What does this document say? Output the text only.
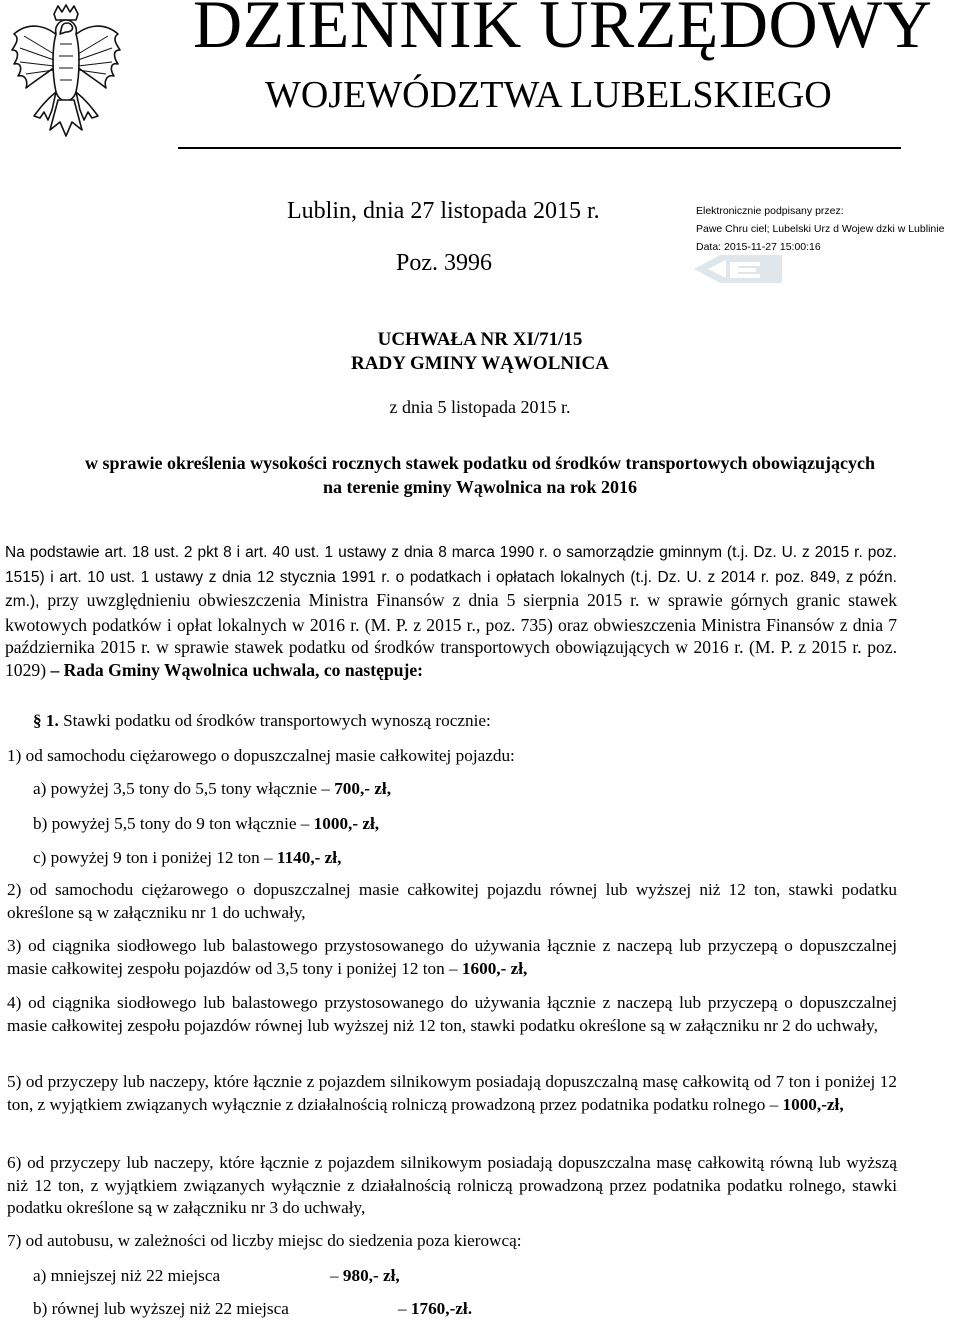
DZIENNIK URZĘDOWY
WOJEWÓDZTWA LUBELSKIEGO
Lublin, dnia 27 listopada 2015 r.
Poz. 3996
Elektronicznie podpisany przez:
Pawe Chru ciel; Lubelski Urz d Wojew dzki w Lublinie
Data: 2015-11-27 15:00:16
UCHWAŁA NR XI/71/15
RADY GMINY WĄWOLNICA
z dnia 5 listopada 2015 r.
w sprawie określenia wysokości rocznych stawek podatku od środków transportowych obowiązujących
na terenie gminy Wąwolnica na rok 2016
Na podstawie art. 18 ust. 2 pkt 8 i art. 40 ust. 1 ustawy z dnia 8 marca 1990 r. o samorządzie gminnym (t.j. Dz. U. z 2015 r. poz. 1515) i art. 10 ust. 1 ustawy z dnia 12 stycznia 1991 r. o podatkach i opłatach lokalnych (t.j. Dz. U. z 2014 r. poz. 849, z późn. zm.), przy uwzględnieniu obwieszczenia Ministra Finansów z dnia 5 sierpnia 2015 r. w sprawie górnych granic stawek kwotowych podatków i opłat lokalnych w 2016 r. (M. P. z 2015 r., poz. 735) oraz obwieszczenia Ministra Finansów z dnia 7 października 2015 r. w sprawie stawek podatku od środków transportowych obowiązujących w 2016 r. (M. P. z 2015 r. poz. 1029) – Rada Gminy Wąwolnica uchwala, co następuje:
§ 1. Stawki podatku od środków transportowych wynoszą rocznie:
1) od samochodu ciężarowego o dopuszczalnej masie całkowitej pojazdu:
a) powyżej 3,5 tony do 5,5 tony włącznie – 700,- zł,
b) powyżej 5,5 tony do 9 ton włącznie – 1000,- zł,
c) powyżej 9 ton i poniżej 12 ton – 1140,- zł,
2) od samochodu ciężarowego o dopuszczalnej masie całkowitej pojazdu równej lub wyższej niż 12 ton, stawki podatku określone są w załączniku nr 1 do uchwały,
3) od ciągnika siodłowego lub balastowego przystosowanego do używania łącznie z naczepą lub przyczepą o dopuszczalnej masie całkowitej zespołu pojazdów od 3,5 tony i poniżej 12 ton – 1600,- zł,
4) od ciągnika siodłowego lub balastowego przystosowanego do używania łącznie z naczepą lub przyczepą o dopuszczalnej masie całkowitej zespołu pojazdów równej lub wyższej niż 12 ton, stawki podatku określone są w załączniku nr 2 do uchwały,
5) od przyczepy lub naczepy, które łącznie z pojazdem silnikowym posiadają dopuszczalną masę całkowitą od 7 ton i poniżej 12 ton, z wyjątkiem związanych wyłącznie z działalnością rolniczą prowadzoną przez podatnika podatku rolnego – 1000,-zł,
6) od przyczepy lub naczepy, które łącznie z pojazdem silnikowym posiadają dopuszczalna masę całkowitą równą lub wyższą niż 12 ton, z wyjątkiem związanych wyłącznie z działalnością rolniczą prowadzoną przez podatnika podatku rolnego, stawki podatku określone są w załączniku nr 3 do uchwały,
7) od autobusu, w zależności od liczby miejsc do siedzenia poza kierowcą:
a) mniejszej niż 22 miejsca	– 980,- zł,
b) równej lub wyższej niż 22 miejsca	– 1760,-zł.
